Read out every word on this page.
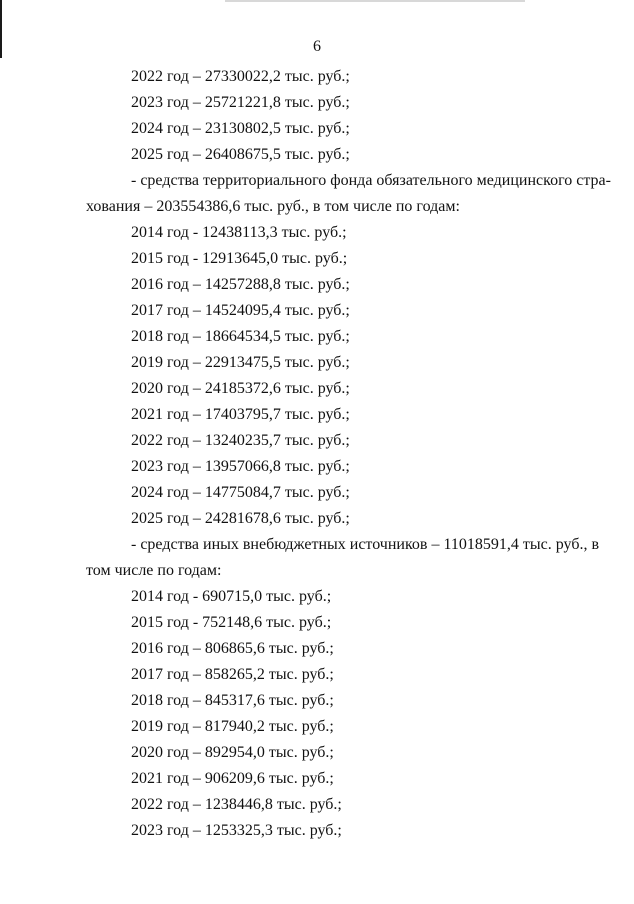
6
2022 год – 27330022,2 тыс. руб.;
2023 год – 25721221,8 тыс. руб.;
2024 год – 23130802,5 тыс. руб.;
2025 год – 26408675,5 тыс. руб.;
- средства территориального фонда обязательного медицинского стра-
хования – 203554386,6 тыс. руб., в том числе по годам:
2014 год - 12438113,3 тыс. руб.;
2015 год - 12913645,0 тыс. руб.;
2016 год – 14257288,8 тыс. руб.;
2017 год – 14524095,4 тыс. руб.;
2018 год – 18664534,5 тыс. руб.;
2019 год – 22913475,5 тыс. руб.;
2020 год – 24185372,6 тыс. руб.;
2021 год – 17403795,7 тыс. руб.;
2022 год – 13240235,7 тыс. руб.;
2023 год – 13957066,8 тыс. руб.;
2024 год – 14775084,7 тыс. руб.;
2025 год – 24281678,6 тыс. руб.;
- средства иных внебюджетных источников – 11018591,4 тыс. руб., в
том числе по годам:
2014 год - 690715,0 тыс. руб.;
2015 год - 752148,6 тыс. руб.;
2016 год – 806865,6 тыс. руб.;
2017 год – 858265,2 тыс. руб.;
2018 год – 845317,6 тыс. руб.;
2019 год – 817940,2 тыс. руб.;
2020 год – 892954,0 тыс. руб.;
2021 год – 906209,6 тыс. руб.;
2022 год – 1238446,8 тыс. руб.;
2023 год – 1253325,3 тыс. руб.;
